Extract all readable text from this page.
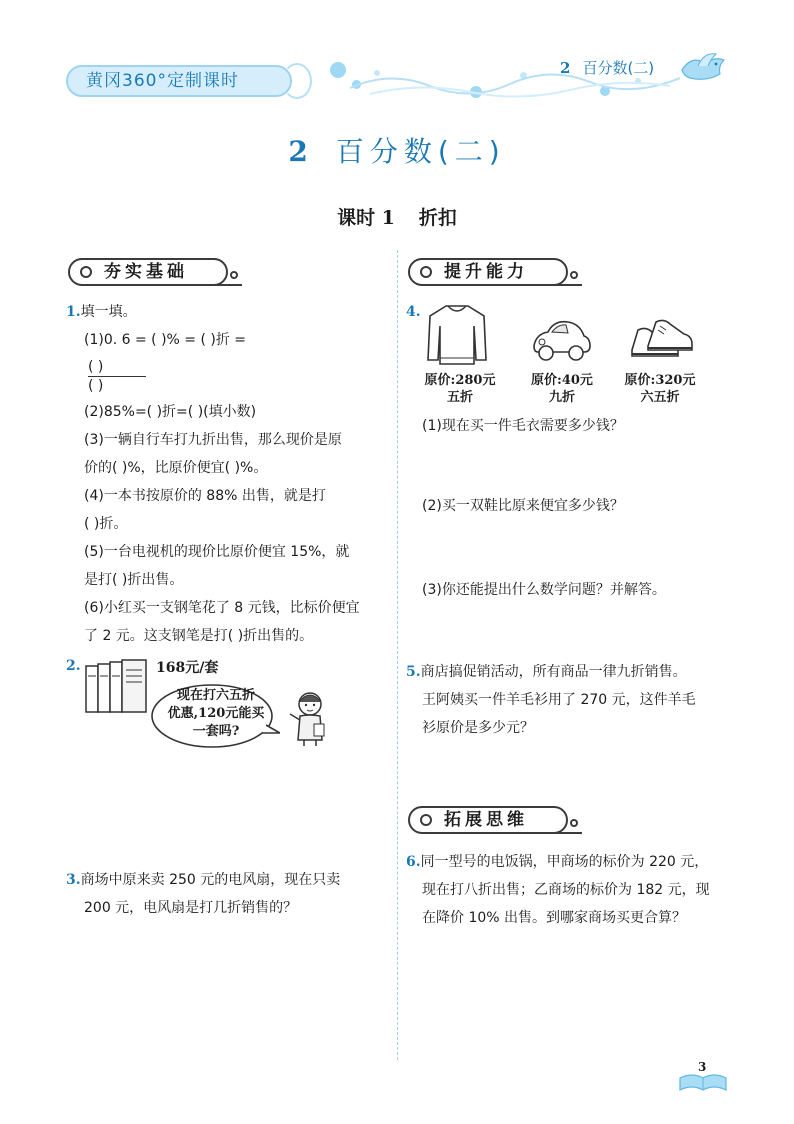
黄冈360°定制课时
2 百分数(二)
2 百分数(二)
课时 1 折扣
夯实基础
1.填一填。
(1)0. 6 = ( )% = ( )折 =
( )
( )
(2)85%=( )折=( )(填小数)
(3)一辆自行车打九折出售，那么现价是原
价的( )%，比原价便宜( )%。
(4)一本书按原价的 88% 出售，就是打
( )折。
(5)一台电视机的现价比原价便宜 15%，就
是打( )折出售。
(6)小红买一支钢笔花了 8 元钱，比标价便宜
了 2 元。这支钢笔是打( )折出售的。
2.	168元/套
现在打六五折
优惠,120元能买
一套吗?
3.商场中原来卖 250 元的电风扇，现在只卖
200 元，电风扇是打几折销售的？
提升能力
4.
原价:280元
五折
原价:40元
九折
原价:320元
六五折
(1)现在买一件毛衣需要多少钱？
(2)买一双鞋比原来便宜多少钱？
(3)你还能提出什么数学问题？并解答。
5.商店搞促销活动，所有商品一律九折销售。
王阿姨买一件羊毛衫用了 270 元，这件羊毛
衫原价是多少元？
拓展思维
6.同一型号的电饭锅，甲商场的标价为 220 元，
现在打八折出售；乙商场的标价为 182 元，现
在降价 10% 出售。到哪家商场买更合算？
3
